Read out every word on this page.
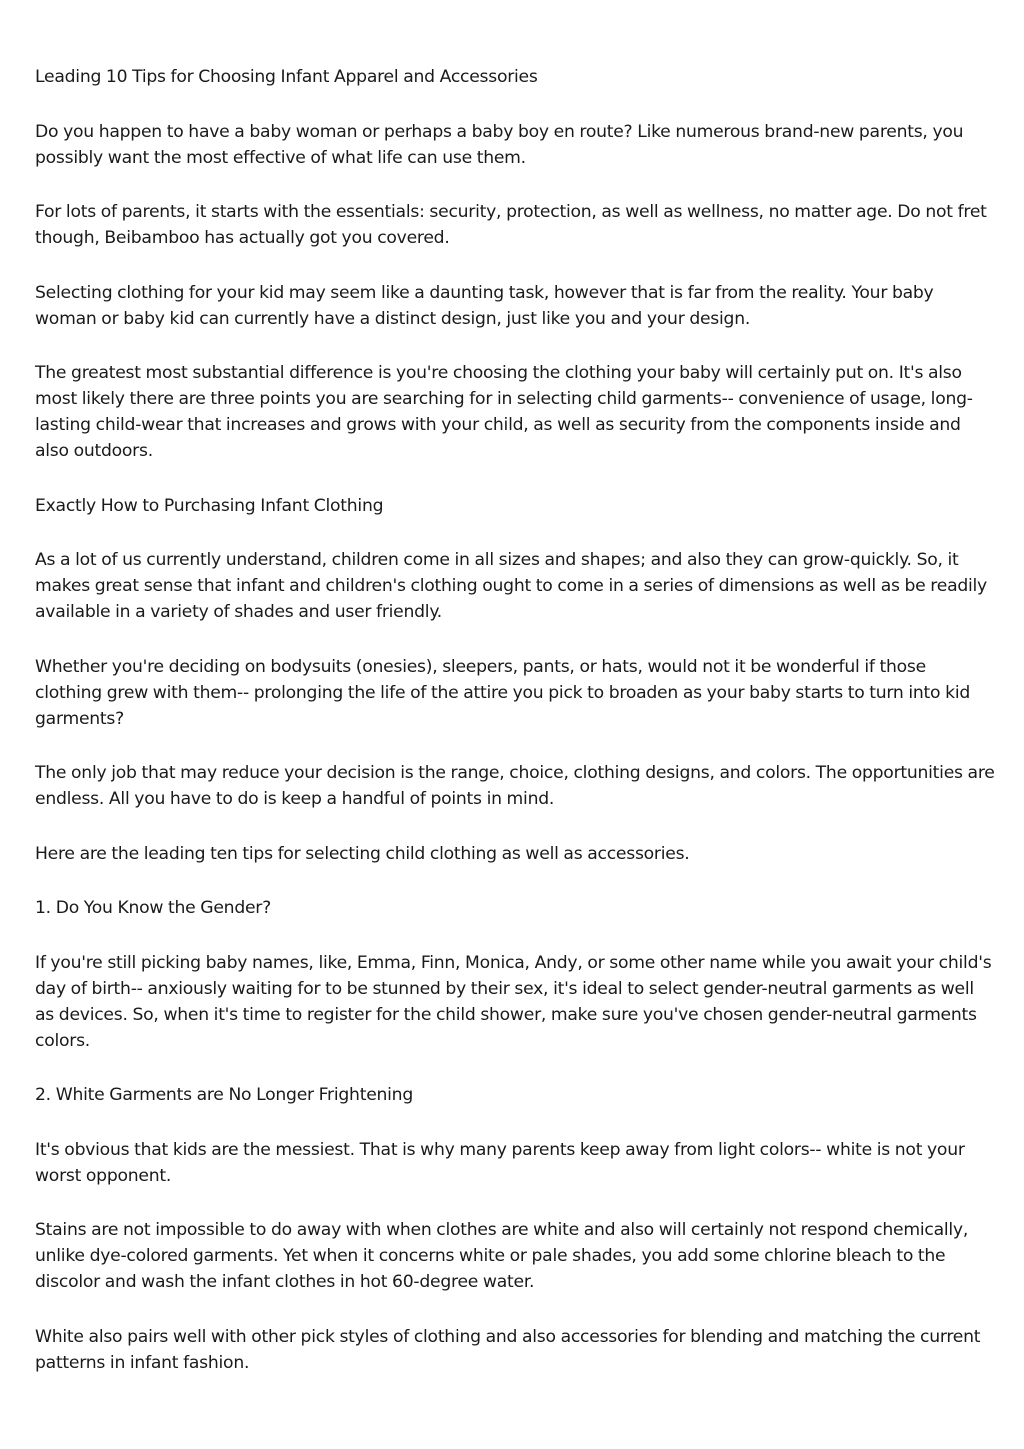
Leading 10 Tips for Choosing Infant Apparel and Accessories

Do you happen to have a baby woman or perhaps a baby boy en route? Like numerous brand-new parents, you possibly want the most effective of what life can use them.

For lots of parents, it starts with the essentials: security, protection, as well as wellness, no matter age. Do not fret though, Beibamboo has actually got you covered.

Selecting clothing for your kid may seem like a daunting task, however that is far from the reality. Your baby woman or baby kid can currently have a distinct design, just like you and your design.

The greatest most substantial difference is you're choosing the clothing your baby will certainly put on. It's also most likely there are three points you are searching for in selecting child garments-- convenience of usage, long-lasting child-wear that increases and grows with your child, as well as security from the components inside and also outdoors.

Exactly How to Purchasing Infant Clothing

As a lot of us currently understand, children come in all sizes and shapes; and also they can grow-quickly. So, it makes great sense that infant and children's clothing ought to come in a series of dimensions as well as be readily available in a variety of shades and user friendly.

Whether you're deciding on bodysuits (onesies), sleepers, pants, or hats, would not it be wonderful if those clothing grew with them-- prolonging the life of the attire you pick to broaden as your baby starts to turn into kid garments?

The only job that may reduce your decision is the range, choice, clothing designs, and colors. The opportunities are endless. All you have to do is keep a handful of points in mind.

Here are the leading ten tips for selecting child clothing as well as accessories.

1. Do You Know the Gender?

If you're still picking baby names, like, Emma, Finn, Monica, Andy, or some other name while you await your child's day of birth-- anxiously waiting for to be stunned by their sex, it's ideal to select gender-neutral garments as well as devices. So, when it's time to register for the child shower, make sure you've chosen gender-neutral garments colors.

2. White Garments are No Longer Frightening

It's obvious that kids are the messiest. That is why many parents keep away from light colors-- white is not your worst opponent.

Stains are not impossible to do away with when clothes are white and also will certainly not respond chemically, unlike dye-colored garments. Yet when it concerns white or pale shades, you add some chlorine bleach to the discolor and wash the infant clothes in hot 60-degree water.

White also pairs well with other pick styles of clothing and also accessories for blending and matching the current patterns in infant fashion.
